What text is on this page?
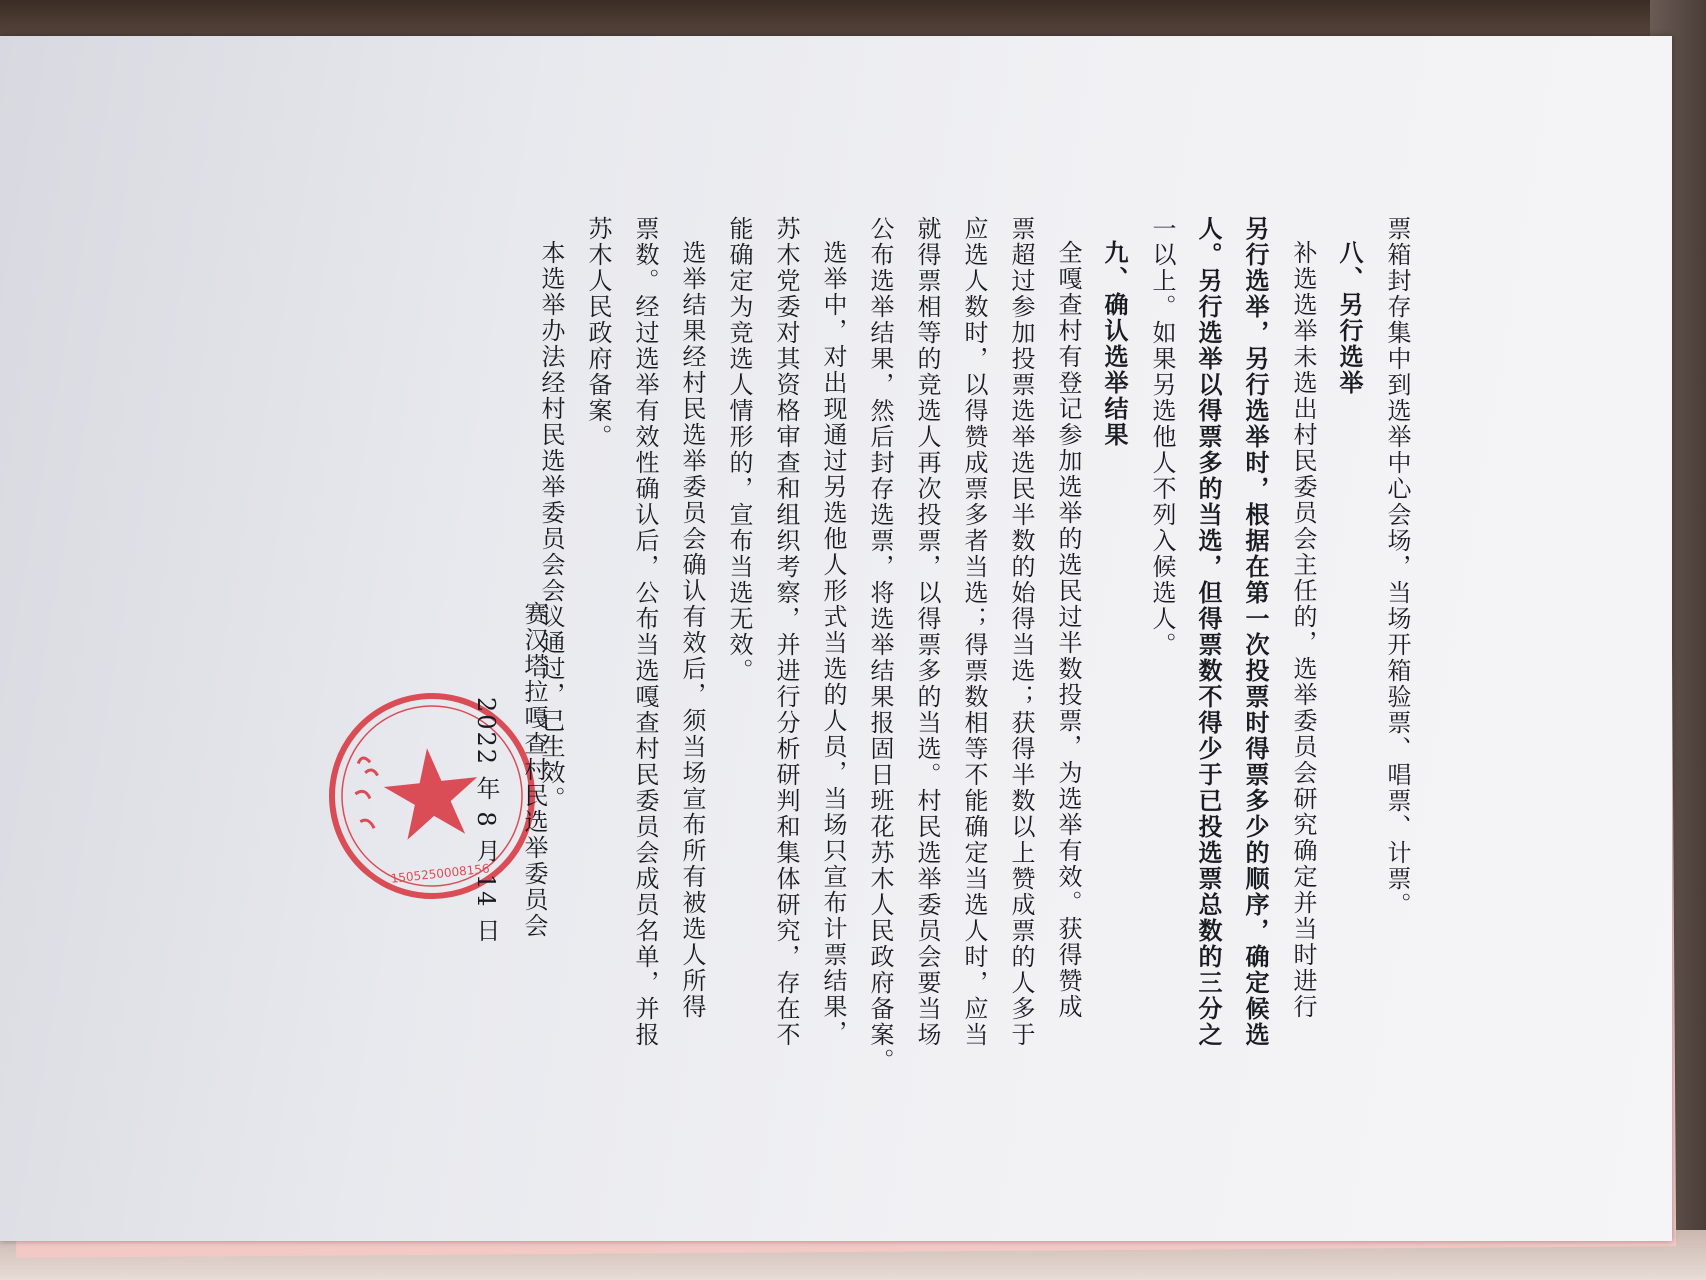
票箱封存集中到选举中心会场，当场开箱验票、唱票、计票。

八、另行选举

补选选举未选出村民委员会主任的，选举委员会研究确定并当时进行

另行选举，另行选举时，根据在第一次投票时得票多少的顺序，确定候选

人。另行选举以得票多的当选，但得票数不得少于已投选票总数的三分之

一以上。如果另选他人不列入候选人。

九、确认选举结果

全嘎查村有登记参加选举的选民过半数投票，为选举有效。获得赞成

票超过参加投票选举选民半数的始得当选；获得半数以上赞成票的人多于

应选人数时，以得赞成票多者当选；得票数相等不能确定当选人时，应当

就得票相等的竞选人再次投票，以得票多的当选。村民选举委员会要当场

公布选举结果，然后封存选票，将选举结果报固日班花苏木人民政府备案。

选举中，对出现通过另选他人形式当选的人员，当场只宣布计票结果，

苏木党委对其资格审查和组织考察，并进行分析研判和集体研究，存在不

能确定为竞选人情形的，宣布当选无效。

选举结果经村民选举委员会确认有效后，须当场宣布所有被选人所得

票数。经过选举有效性确认后，公布当选嘎查村民委员会成员名单，并报

苏木人民政府备案。

本选举办法经村民选举委员会会议通过，已生效。

1505250008156	赛汉塔拉嘎查村民选举委员会

2022 年 8 月 14 日
